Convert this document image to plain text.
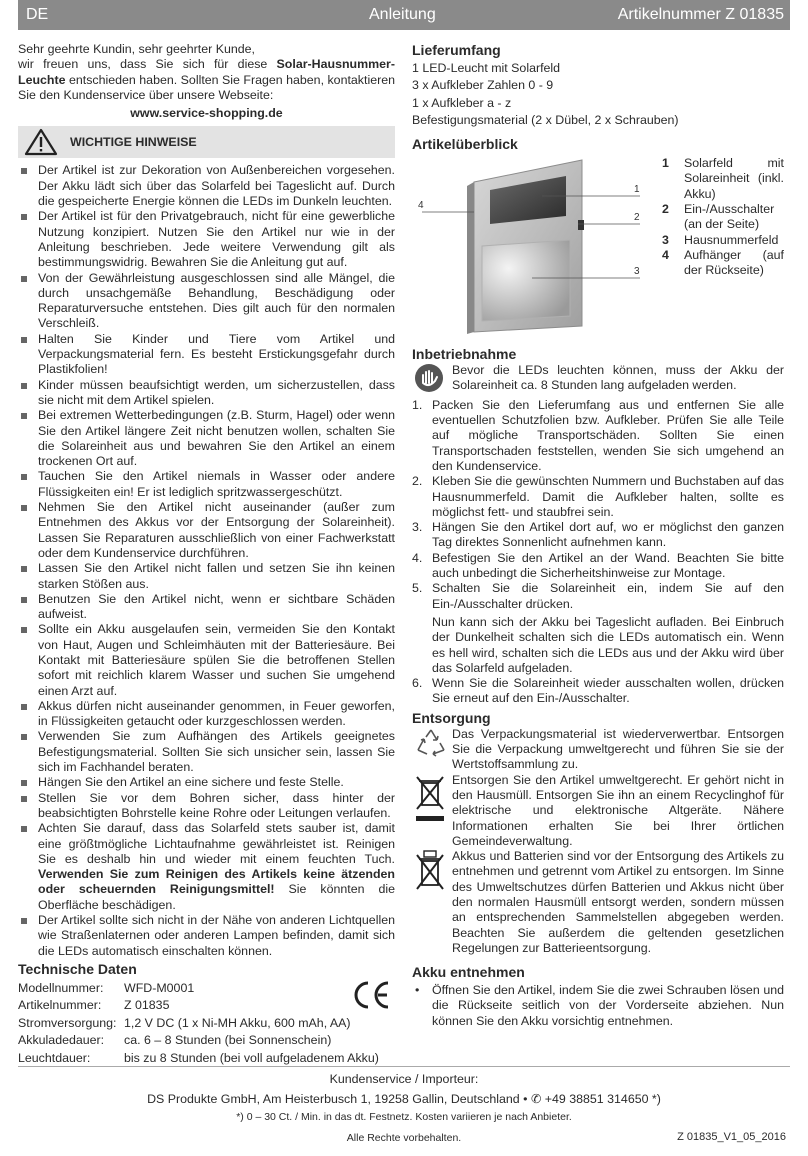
DE	Anleitung	Artikelnummer Z 01835

Sehr geehrte Kundin, sehr geehrter Kunde,

wir freuen uns, dass Sie sich für diese Solar-Hausnummer-Leuchte entschieden haben. Sollten Sie Fragen haben, kontaktieren Sie den Kundenservice über unsere Webseite:

www.service-shopping.de

WICHTIGE HINWEISE
Der Artikel ist zur Dekoration von Außenbereichen vorgesehen. Der Akku lädt sich über das Solarfeld bei Tageslicht auf. Durch die gespeicherte Energie können die LEDs im Dunkeln leuchten.
Der Artikel ist für den Privatgebrauch, nicht für eine gewerbliche Nutzung konzipiert. Nutzen Sie den Artikel nur wie in der Anleitung beschrieben. Jede weitere Verwendung gilt als bestimmungswidrig. Bewahren Sie die Anleitung gut auf.
Von der Gewährleistung ausgeschlossen sind alle Mängel, die durch unsachgemäße Behandlung, Beschädigung oder Reparaturversuche entstehen. Dies gilt auch für den normalen Verschleiß.
Halten Sie Kinder und Tiere vom Artikel und Verpackungsmaterial fern. Es besteht Erstickungsgefahr durch Plastikfolien!
Kinder müssen beaufsichtigt werden, um sicherzustellen, dass sie nicht mit dem Artikel spielen.
Bei extremen Wetterbedingungen (z.B. Sturm, Hagel) oder wenn Sie den Artikel längere Zeit nicht benutzen wollen, schalten Sie die Solareinheit aus und bewahren Sie den Artikel an einem trockenen Ort auf.
Tauchen Sie den Artikel niemals in Wasser oder andere Flüssigkeiten ein! Er ist lediglich spritzwassergeschützt.
Nehmen Sie den Artikel nicht auseinander (außer zum Entnehmen des Akkus vor der Entsorgung der Solareinheit). Lassen Sie Reparaturen ausschließlich von einer Fachwerkstatt oder dem Kundenservice durchführen.
Lassen Sie den Artikel nicht fallen und setzen Sie ihn keinen starken Stößen aus.
Benutzen Sie den Artikel nicht, wenn er sichtbare Schäden aufweist.
Sollte ein Akku ausgelaufen sein, vermeiden Sie den Kontakt von Haut, Augen und Schleimhäuten mit der Batteriesäure. Bei Kontakt mit Batteriesäure spülen Sie die betroffenen Stellen sofort mit reichlich klarem Wasser und suchen Sie umgehend einen Arzt auf.
Akkus dürfen nicht auseinander genommen, in Feuer geworfen, in Flüssigkeiten getaucht oder kurzgeschlossen werden.
Verwenden Sie zum Aufhängen des Artikels geeignetes Befestigungsmaterial. Sollten Sie sich unsicher sein, lassen Sie sich im Fachhandel beraten.
Hängen Sie den Artikel an eine sichere und feste Stelle.
Stellen Sie vor dem Bohren sicher, dass hinter der beabsichtigten Bohrstelle keine Rohre oder Leitungen verlaufen.
Achten Sie darauf, dass das Solarfeld stets sauber ist, damit eine größtmögliche Lichtaufnahme gewährleistet ist. Reinigen Sie es deshalb hin und wieder mit einem feuchten Tuch. Verwenden Sie zum Reinigen des Artikels keine ätzenden oder scheuernden Reinigungsmittel! Sie könnten die Oberfläche beschädigen.
Der Artikel sollte sich nicht in der Nähe von anderen Lichtquellen wie Straßenlaternen oder anderen Lampen befinden, damit sich die LEDs automatisch einschalten können.
Technische Daten
Modellnummer:	WFD-M0001
Artikelnummer:	Z 01835
Stromversorgung: 1,2 V DC (1 x Ni-MH Akku, 600 mAh, AA)
Akkuladedauer:	ca. 6 – 8 Stunden (bei Sonnenschein)
Leuchtdauer:	bis zu 8 Stunden (bei voll aufgeladenem Akku)
Lieferumfang

1 LED-Leucht mit Solarfeld

3 x Aufkleber Zahlen 0 - 9

1 x Aufkleber a - z

Befestigungsmaterial (2 x Dübel, 2 x Schrauben)

Artikelüberblick
4
1
2
3
1 Solarfeld mit Solareinheit (inkl. Akku)
2 Ein-/Ausschalter (an der Seite)
3 Hausnummerfeld
4 Aufhänger (auf der Rückseite)
Inbetriebnahme
Bevor die LEDs leuchten können, muss der Akku der Solareinheit ca. 8 Stunden lang aufgeladen werden.
1. Packen Sie den Lieferumfang aus und entfernen Sie alle eventuellen Schutzfolien bzw. Aufkleber. Prüfen Sie alle Teile auf mögliche Transportschäden. Sollten Sie einen Transportschaden feststellen, wenden Sie sich umgehend an den Kundenservice.
2. Kleben Sie die gewünschten Nummern und Buchstaben auf das Hausnummerfeld. Damit die Aufkleber halten, sollte es möglichst fett- und staubfrei sein.
3. Hängen Sie den Artikel dort auf, wo er möglichst den ganzen Tag direktes Sonnenlicht aufnehmen kann.
4. Befestigen Sie den Artikel an der Wand. Beachten Sie bitte auch unbedingt die Sicherheitshinweise zur Montage.
5. Schalten Sie die Solareinheit ein, indem Sie auf den Ein-/Ausschalter drücken.

Nun kann sich der Akku bei Tageslicht aufladen. Bei Einbruch der Dunkelheit schalten sich die LEDs automatisch ein. Wenn es hell wird, schalten sich die LEDs aus und der Akku wird über das Solarfeld aufgeladen.

6. Wenn Sie die Solareinheit wieder ausschalten wollen, drücken Sie erneut auf den Ein-/Ausschalter.
Entsorgung
Das Verpackungsmaterial ist wiederverwertbar. Entsorgen Sie die Verpackung umweltgerecht und führen Sie sie der Wertstoffsammlung zu.
Entsorgen Sie den Artikel umweltgerecht. Er gehört nicht in den Hausmüll. Entsorgen Sie ihn an einem Recyclinghof für elektrische und elektronische Altgeräte. Nähere Informationen erhalten Sie bei Ihrer örtlichen Gemeindeverwaltung.
Akkus und Batterien sind vor der Entsorgung des Artikels zu entnehmen und getrennt vom Artikel zu entsorgen. Im Sinne des Umweltschutzes dürfen Batterien und Akkus nicht über den normalen Hausmüll entsorgt werden, sondern müssen an entsprechenden Sammelstellen abgegeben werden. Beachten Sie außerdem die geltenden gesetzlichen Regelungen zur Batterieentsorgung.
Akku entnehmen
• Öffnen Sie den Artikel, indem Sie die zwei Schrauben lösen und die Rückseite seitlich von der Vorderseite abziehen. Nun können Sie den Akku vorsichtig entnehmen.
Kundenservice / Importeur:
DS Produkte GmbH, Am Heisterbusch 1, 19258 Gallin, Deutschland • ✆ +49 38851 314650 *)
*) 0 – 30 Ct. / Min. in das dt. Festnetz. Kosten variieren je nach Anbieter.
Alle Rechte vorbehalten.	Z 01835_V1_05_2016
